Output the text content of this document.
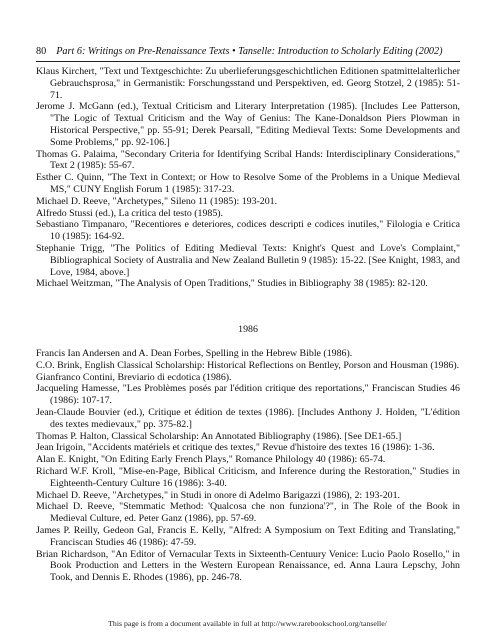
80 Part 6: Writings on Pre-Renaissance Texts • Tanselle: Introduction to Scholarly Editing (2002)

Klaus Kirchert, "Text und Textgeschichte: Zu uberlieferungsgeschichtlichen Editionen spatmittelalterlicher Gebrauchsprosa," in Germanistik: Forschungsstand und Perspektiven, ed. Georg Stotzel, 2 (1985): 51-71.

Jerome J. McGann (ed.), Textual Criticism and Literary Interpretation (1985). [Includes Lee Patterson, "The Logic of Textual Criticism and the Way of Genius: The Kane-Donaldson Piers Plowman in Historical Perspective," pp. 55-91; Derek Pearsall, "Editing Medieval Texts: Some Developments and Some Problems," pp. 92-106.]

Thomas G. Palaima, "Secondary Criteria for Identifying Scribal Hands: Interdisciplinary Considerations," Text 2 (1985): 55-67.

Esther C. Quinn, "The Text in Context; or How to Resolve Some of the Problems in a Unique Medieval MS," CUNY English Forum 1 (1985): 317-23.

Michael D. Reeve, "Archetypes," Sileno 11 (1985): 193-201.

Alfredo Stussi (ed.), La critica del testo (1985).

Sebastiano Timpanaro, "Recentiores e deteriores, codices descripti e codices inutiles," Filologia e Critica 10 (1985): 164-92.

Stephanie Trigg, "The Politics of Editing Medieval Texts: Knight's Quest and Love's Complaint," Bibliographical Society of Australia and New Zealand Bulletin 9 (1985): 15-22. [See Knight, 1983, and Love, 1984, above.]

Michael Weitzman, "The Analysis of Open Traditions," Studies in Bibliography 38 (1985): 82-120.

1986

Francis Ian Andersen and A. Dean Forbes, Spelling in the Hebrew Bible (1986).

C.O. Brink, English Classical Scholarship: Historical Reflections on Bentley, Porson and Housman (1986).

Gianfranco Contini, Breviario di ecdotica (1986).

Jacqueling Hamesse, "Les Problèmes posés par l'édition critique des reportations," Franciscan Studies 46 (1986): 107-17.

Jean-Claude Bouvier (ed.), Critique et édition de textes (1986). [Includes Anthony J. Holden, "L'édition des textes medievaux," pp. 375-82.]

Thomas P. Halton, Classical Scholarship: An Annotated Bibliography (1986). [See DE1-65.]

Jean Irigoin, "Accidents matériels et critique des textes," Revue d'histoire des textes 16 (1986): 1-36.

Alan E. Knight, "On Editing Early French Plays," Romance Philology 40 (1986): 65-74.

Richard W.F. Kroll, "Mise-en-Page, Biblical Criticism, and Inference during the Restoration," Studies in Eighteenth-Century Culture 16 (1986): 3-40.

Michael D. Reeve, "Archetypes," in Studi in onore di Adelmo Barigazzi (1986), 2: 193-201.

Michael D. Reeve, "Stemmatic Method: 'Qualcosa che non funziona'?", in The Role of the Book in Medieval Culture, ed. Peter Ganz (1986), pp. 57-69.

James P. Reilly, Gedeon Gal, Francis E. Kelly, "Alfred: A Symposium on Text Editing and Translating," Franciscan Studies 46 (1986): 47-59.

Brian Richardson, "An Editor of Vernacular Texts in Sixteenth-Centuury Venice: Lucio Paolo Rosello," in Book Production and Letters in the Western European Renaissance, ed. Anna Laura Lepschy, John Took, and Dennis E. Rhodes (1986), pp. 246-78.

This page is from a document available in full at http://www.rarebookschool.org/tanselle/
